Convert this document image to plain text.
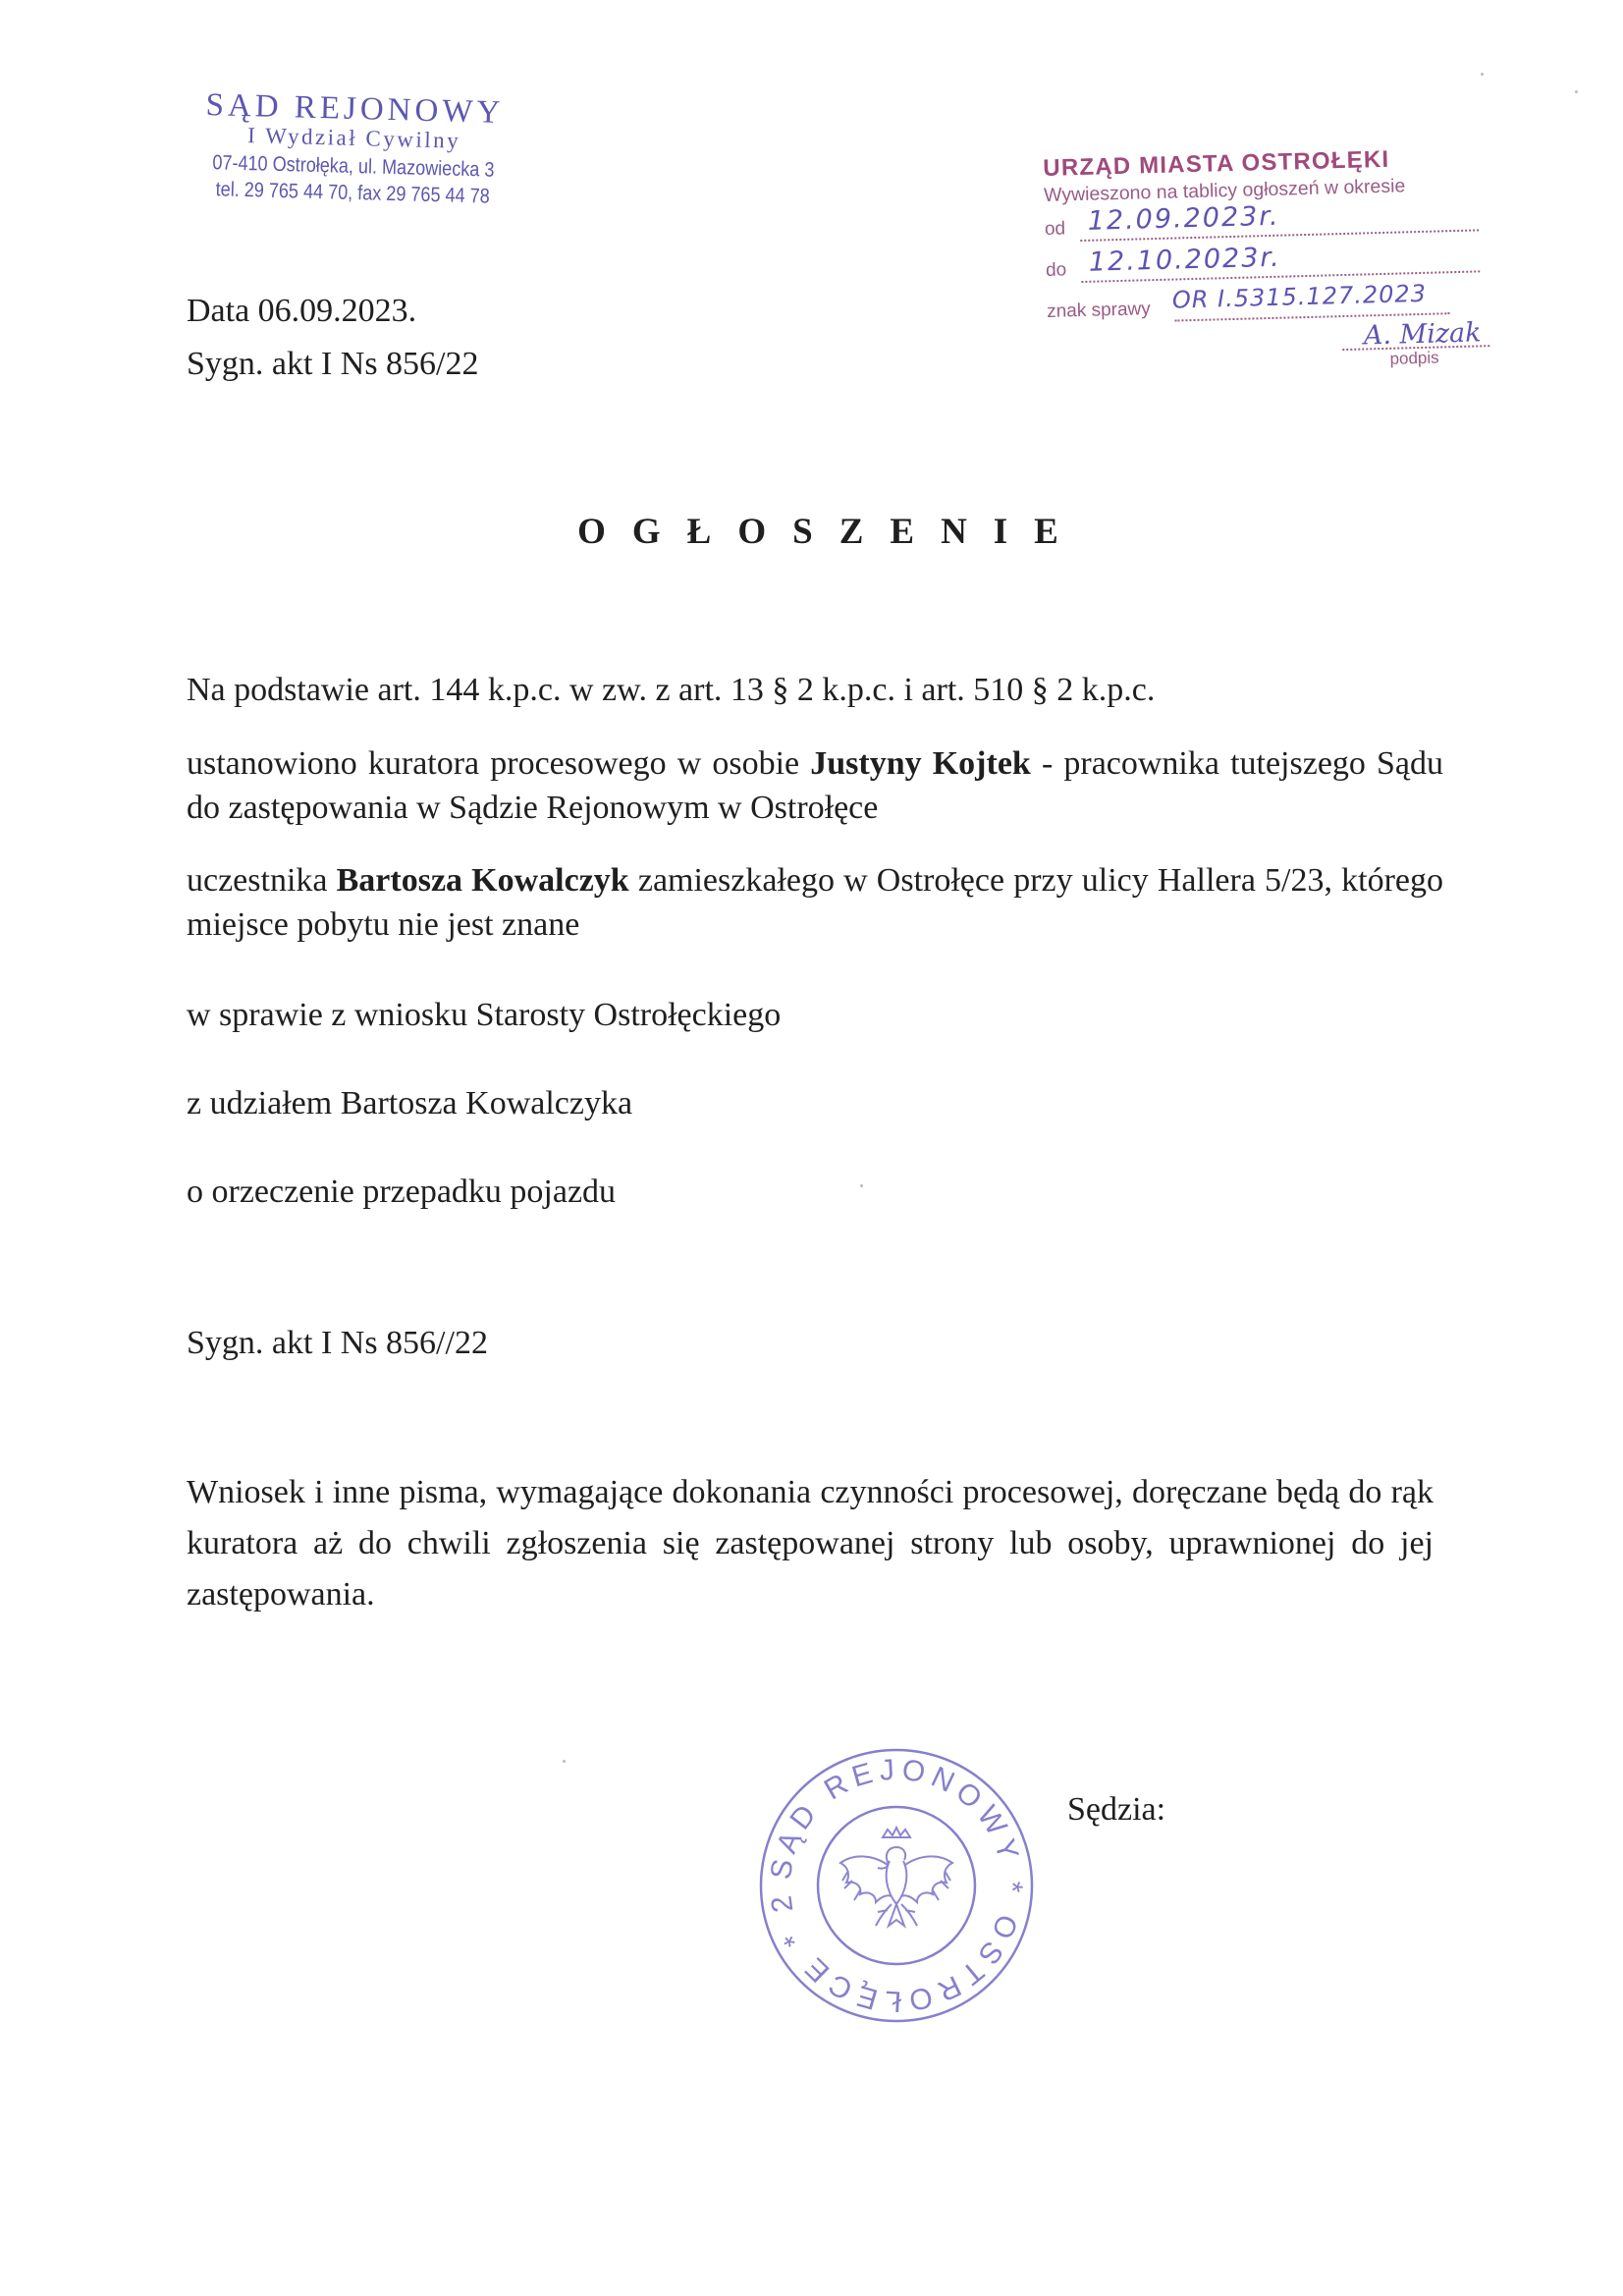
SĄD REJONOWY
I Wydział Cywilny
07-410 Ostrołęka, ul. Mazowiecka 3
tel. 29 765 44 70, fax 29 765 44 78
URZĄD MIASTA OSTROŁĘKI
Wywieszono na tablicy ogłoszeń w okresie
od 12.09.2023r.
do 12.10.2023r.
znak sprawy OR I.5315.127.2023
A. Mizak
podpis
Data 06.09.2023.
Sygn. akt I Ns 856/22
OGŁOSZENIE
Na podstawie art. 144 k.p.c. w zw. z art. 13 § 2 k.p.c. i art. 510 § 2 k.p.c.
ustanowiono kuratora procesowego w osobie Justyny Kojtek - pracownika tutejszego Sądu do zastępowania w Sądzie Rejonowym w Ostrołęce
uczestnika Bartosza Kowalczyk zamieszkałego w Ostrołęce przy ulicy Hallera 5/23, którego miejsce pobytu nie jest znane
w sprawie z wniosku Starosty Ostrołęckiego
z udziałem Bartosza Kowalczyka
o orzeczenie przepadku pojazdu
Sygn. akt I Ns 856//22
Wniosek i inne pisma, wymagające dokonania czynności procesowej, doręczane będą do rąk kuratora aż do chwili zgłoszenia się zastępowanej strony lub osoby, uprawnionej do jej zastępowania.
SĄD REJONOWY * OSTROŁĘCE * 2
Sędzia:
